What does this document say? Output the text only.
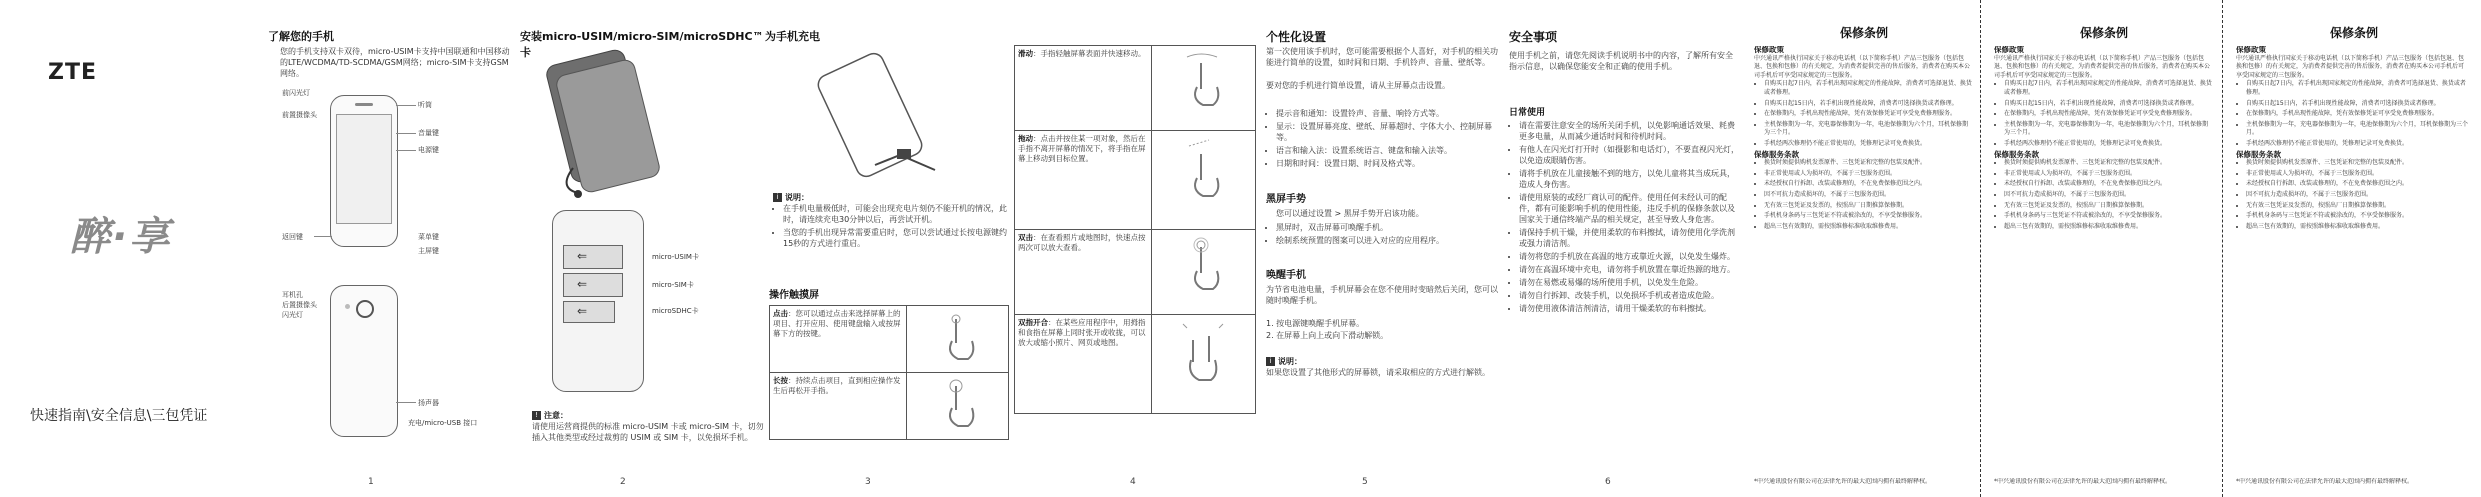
ZTE
醉·享
快速指南\安全信息\三包凭证
了解您的手机
您的手机支持双卡双待，micro-USIM卡支持中国联通和中国移动的LTE/WCDMA/TD-SCDMA/GSM网络；micro-SIM卡支持GSM网络。
前闪光灯
听筒
前置摄像头
音量键
电源键
返回键	菜单键
主屏键
耳机孔
后置摄像头
闪光灯
扬声器
充电/micro-USB 接口
1
安装micro-USIM/micro-SIM/microSDHC™卡
⇐
⇐
⇐
micro-USIM卡
micro-SIM卡
microSDHC卡
! 注意：
请使用运营商提供的标准 micro-USIM 卡或 micro-SIM 卡，切勿插入其他类型或经过裁剪的 USIM 或 SIM 卡，以免损坏手机。
2
为手机充电
i 说明：
• 在手机电量极低时，可能会出现充电片刻仍不能开机的情况，此时，请连续充电30分钟以后，再尝试开机。
• 当您的手机出现异常需要重启时，您可以尝试通过长按电源键约15秒的方式进行重启。
操作触摸屏
点击：您可以通过点击来选择屏幕上的项目、打开应用、使用键盘输入或按屏幕下方的按键。	

长按：持续点击项目，直到相应操作发生后再松开手指。	
3
滑动：手指轻触屏幕表面并快速移动。	

拖动：点击并按住某一项对象，然后在手指不离开屏幕的情况下，将手指在屏幕上移动到目标位置。	

双击：在查看照片或地图时，快速点按两次可以放大查看。	

双指开合：在某些应用程序中，用拇指和食指在屏幕上同时张开或收拢，可以放大或缩小照片、网页或地图。	
4
个性化设置
第一次使用该手机时，您可能需要根据个人喜好，对手机的相关功能进行简单的设置，如时间和日期、手机铃声、音量、壁纸等。
要对您的手机进行简单设置，请从主屏幕点击设置。
• 提示音和通知：设置铃声、音量、响铃方式等。
• 显示：设置屏幕亮度、壁纸、屏幕超时、字体大小、控制屏幕等。
• 语言和输入法：设置系统语言、键盘和输入法等。
• 日期和时间：设置日期、时间及格式等。
黑屏手势
您可以通过设置 > 黑屏手势开启该功能。
• 黑屏时，双击屏幕可唤醒手机。
• 绘制系统预置的图案可以进入对应的应用程序。
唤醒手机
为节省电池电量，手机屏幕会在您不使用时变暗然后关闭，您可以随时唤醒手机。
1. 按电源键唤醒手机屏幕。
2. 在屏幕上向上或向下滑动解锁。
i 说明：
如果您设置了其他形式的屏幕锁，请采取相应的方式进行解锁。
5
安全事项
使用手机之前，请您先阅读手机说明书中的内容，了解所有安全指示信息，以确保您能安全和正确的使用手机。
日常使用
• 请在需要注意安全的场所关闭手机，以免影响通话效果、耗费更多电量，从而减少通话时间和待机时间。
• 有他人在闪光灯打开时（如摄影和电话灯），不要直视闪光灯，以免造成眼睛伤害。
• 请将手机放在儿童接触不到的地方，以免儿童将其当成玩具，造成人身伤害。
• 请使用原装的或经厂商认可的配件。使用任何未经认可的配件，都有可能影响手机的使用性能，违反手机的保修条款以及国家关于通信终端产品的相关规定，甚至导致人身危害。
• 请保持手机干燥，并使用柔软的布料擦拭，请勿使用化学洗剂或强力清洁剂。
• 请勿将您的手机放在高温的地方或靠近火源，以免发生爆炸。
• 请勿在高温环境中充电，请勿将手机放置在靠近热源的地方。
• 请勿在易燃或易爆的场所使用手机，以免发生危险。
• 请勿自行拆卸、改装手机，以免损坏手机或者造成危险。
• 请勿使用液体清洁剂清洁，请用干燥柔软的布料擦拭。
6
保修条例
保修政策
中兴通讯严格执行国家关于移动电话机（以下简称手机）产品三包服务（包括包退、包换和包修）的有关规定，为消费者提供完善的售后服务，消费者在购买本公司手机后可享受国家规定的三包服务。
• 自购买日起7日内，若手机出现国家规定的性能故障，消费者可选择退货、换货或者修理。
• 自购买日起15日内，若手机出现性能故障，消费者可选择换货或者修理。
• 在保修期内，手机出现性能故障，凭有效保修凭证可享受免费修理服务。
• 主机保修期为一年，充电器保修期为一年，电池保修期为六个月，耳机保修期为三个月。
• 手机经两次修理仍不能正常使用的，凭修理记录可免费换货。
保修服务条款
• 换货时须提供购机发票原件、三包凭证和完整的包装及配件。
• 非正常使用或人为损坏的，不属于三包服务范围。
• 未经授权自行拆卸、改装或修理的，不在免费保修范围之内。
• 因不可抗力造成损坏的，不属于三包服务范围。
• 无有效三包凭证及发票的，按照出厂日期推算保修期。
• 手机机身条码与三包凭证不符或被涂改的，不享受保修服务。
• 超出三包有效期的，需按照维修标准收取维修费用。
*中兴通讯股份有限公司在法律允许的最大范围内拥有最终解释权。
保修条例
保修政策
中兴通讯严格执行国家关于移动电话机（以下简称手机）产品三包服务（包括包退、包换和包修）的有关规定，为消费者提供完善的售后服务，消费者在购买本公司手机后可享受国家规定的三包服务。
• 自购买日起7日内，若手机出现国家规定的性能故障，消费者可选择退货、换货或者修理。
• 自购买日起15日内，若手机出现性能故障，消费者可选择换货或者修理。
• 在保修期内，手机出现性能故障，凭有效保修凭证可享受免费修理服务。
• 主机保修期为一年，充电器保修期为一年，电池保修期为六个月，耳机保修期为三个月。
• 手机经两次修理仍不能正常使用的，凭修理记录可免费换货。
保修服务条款
• 换货时须提供购机发票原件、三包凭证和完整的包装及配件。
• 非正常使用或人为损坏的，不属于三包服务范围。
• 未经授权自行拆卸、改装或修理的，不在免费保修范围之内。
• 因不可抗力造成损坏的，不属于三包服务范围。
• 无有效三包凭证及发票的，按照出厂日期推算保修期。
• 手机机身条码与三包凭证不符或被涂改的，不享受保修服务。
• 超出三包有效期的，需按照维修标准收取维修费用。
*中兴通讯股份有限公司在法律允许的最大范围内拥有最终解释权。
保修条例
保修政策
中兴通讯严格执行国家关于移动电话机（以下简称手机）产品三包服务（包括包退、包换和包修）的有关规定，为消费者提供完善的售后服务，消费者在购买本公司手机后可享受国家规定的三包服务。
• 自购买日起7日内，若手机出现国家规定的性能故障，消费者可选择退货、换货或者修理。
• 自购买日起15日内，若手机出现性能故障，消费者可选择换货或者修理。
• 在保修期内，手机出现性能故障，凭有效保修凭证可享受免费修理服务。
• 主机保修期为一年，充电器保修期为一年，电池保修期为六个月，耳机保修期为三个月。
• 手机经两次修理仍不能正常使用的，凭修理记录可免费换货。
保修服务条款
• 换货时须提供购机发票原件、三包凭证和完整的包装及配件。
• 非正常使用或人为损坏的，不属于三包服务范围。
• 未经授权自行拆卸、改装或修理的，不在免费保修范围之内。
• 因不可抗力造成损坏的，不属于三包服务范围。
• 无有效三包凭证及发票的，按照出厂日期推算保修期。
• 手机机身条码与三包凭证不符或被涂改的，不享受保修服务。
• 超出三包有效期的，需按照维修标准收取维修费用。
*中兴通讯股份有限公司在法律允许的最大范围内拥有最终解释权。
